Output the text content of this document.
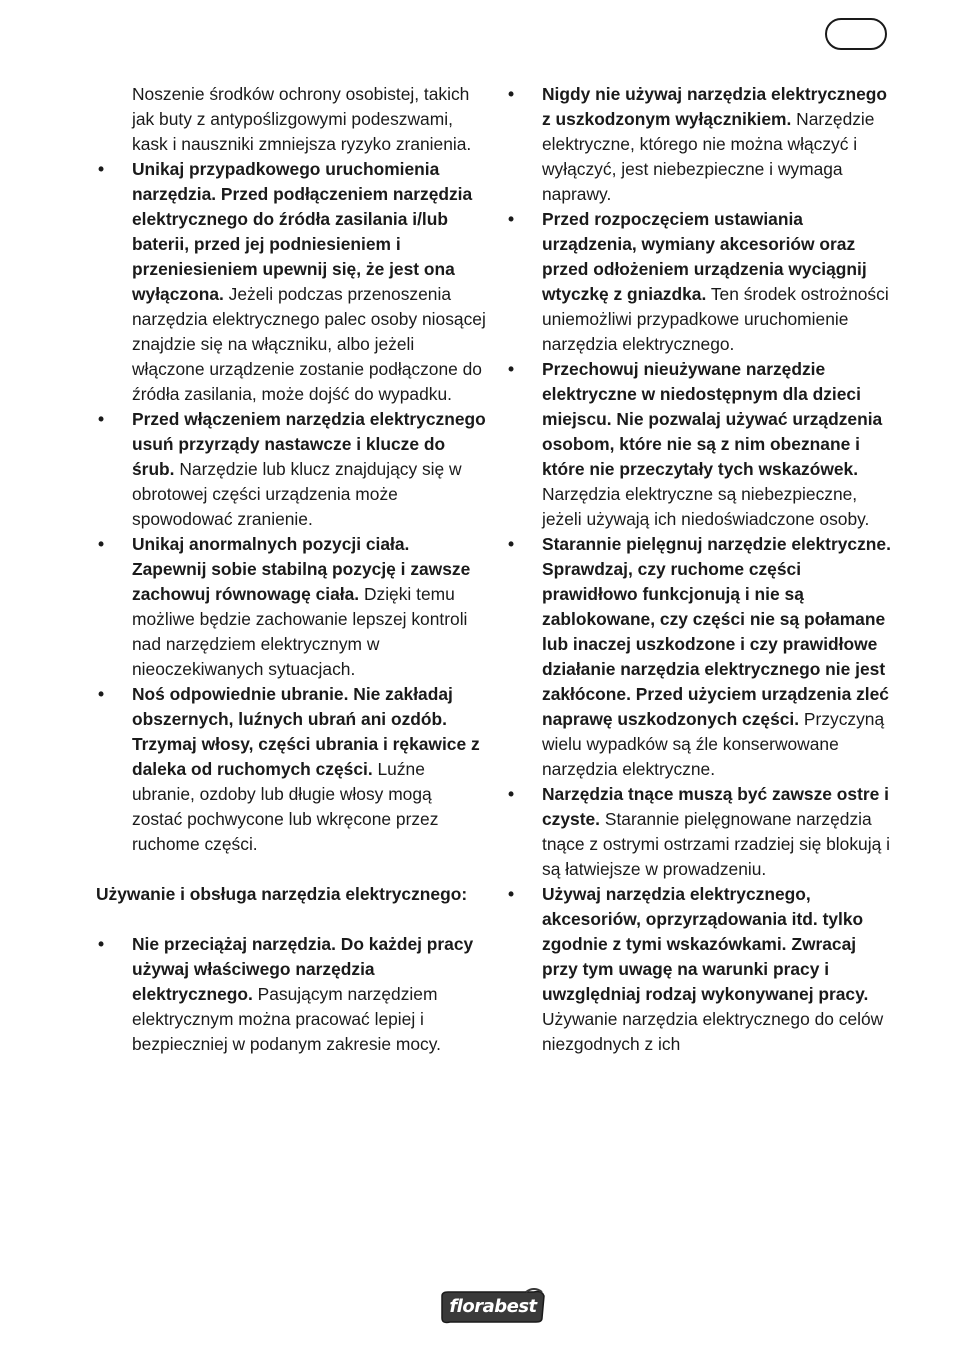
Noszenie środków ochrony osobistej, takich jak buty z antypoślizgowymi podeszwami, kask i nauszniki zmniejsza ryzyko zranienia.

• Unikaj przypadkowego uruchomienia narzędzia. Przed podłączeniem narzędzia elektrycznego do źródła zasilania i/lub baterii, przed jej podniesieniem i przeniesieniem upewnij się, że jest ona wyłączona. Jeżeli podczas przenoszenia narzędzia elektrycznego palec osoby niosącej znajdzie się na włączniku, albo jeżeli włączone urządzenie zostanie podłączone do źródła zasilania, może dojść do wypadku.
• Przed włączeniem narzędzia elektrycznego usuń przyrządy nastawcze i klucze do śrub. Narzędzie lub klucz znajdujący się w obrotowej części urządzenia może spowodować zranienie.
• Unikaj anormalnych pozycji ciała. Zapewnij sobie stabilną pozycję i zawsze zachowuj równowagę ciała. Dzięki temu możliwe będzie zachowanie lepszej kontroli nad narzędziem elektrycznym w nieoczekiwanych sytuacjach.
• Noś odpowiednie ubranie. Nie zakładaj obszernych, luźnych ubrań ani ozdób. Trzymaj włosy, części ubrania i rękawice z daleka od ruchomych części. Luźne ubranie, ozdoby lub długie włosy mogą zostać pochwycone lub wkręcone przez ruchome części.
Używanie i obsługa narzędzia elektrycznego:
• Nie przeciążaj narzędzia. Do każdej pracy używaj właściwego narzędzia elektrycznego. Pasującym narzędziem elektrycznym można pracować lepiej i bezpieczniej w podanym zakresie mocy.
• Nigdy nie używaj narzędzia elektrycznego z uszkodzonym wyłącznikiem. Narzędzie elektryczne, którego nie można włączyć i wyłączyć, jest niebezpieczne i wymaga naprawy.
• Przed rozpoczęciem ustawiania urządzenia, wymiany akcesoriów oraz przed odłożeniem urządzenia wyciągnij wtyczkę z gniazdka. Ten środek ostrożności uniemożliwi przypadkowe uruchomienie narzędzia elektrycznego.
• Przechowuj nieużywane narzędzie elektryczne w niedostępnym dla dzieci miejscu. Nie pozwalaj używać urządzenia osobom, które nie są z nim obeznane i które nie przeczytały tych wskazówek. Narzędzia elektryczne są niebezpieczne, jeżeli używają ich niedoświadczone osoby.
• Starannie pielęgnuj narzędzie elektryczne. Sprawdzaj, czy ruchome części prawidłowo funkcjonują i nie są zablokowane, czy części nie są połamane lub inaczej uszkodzone i czy prawidłowe działanie narzędzia elektrycznego nie jest zakłócone. Przed użyciem urządzenia zleć naprawę uszkodzonych części. Przyczyną wielu wypadków są źle konserwowane narzędzia elektryczne.
• Narzędzia tnące muszą być zawsze ostre i czyste. Starannie pielęgnowane narzędzia tnące z ostrymi ostrzami rzadziej się blokują i są łatwiejsze w prowadzeniu.
• Używaj narzędzia elektrycznego, akcesoriów, oprzyrządowania itd. tylko zgodnie z tymi wskazówkami. Zwracaj przy tym uwagę na warunki pracy i uwzględniaj rodzaj wykonywanej pracy. Używanie narzędzia elektrycznego do celów niezgodnych z ich
florabest
